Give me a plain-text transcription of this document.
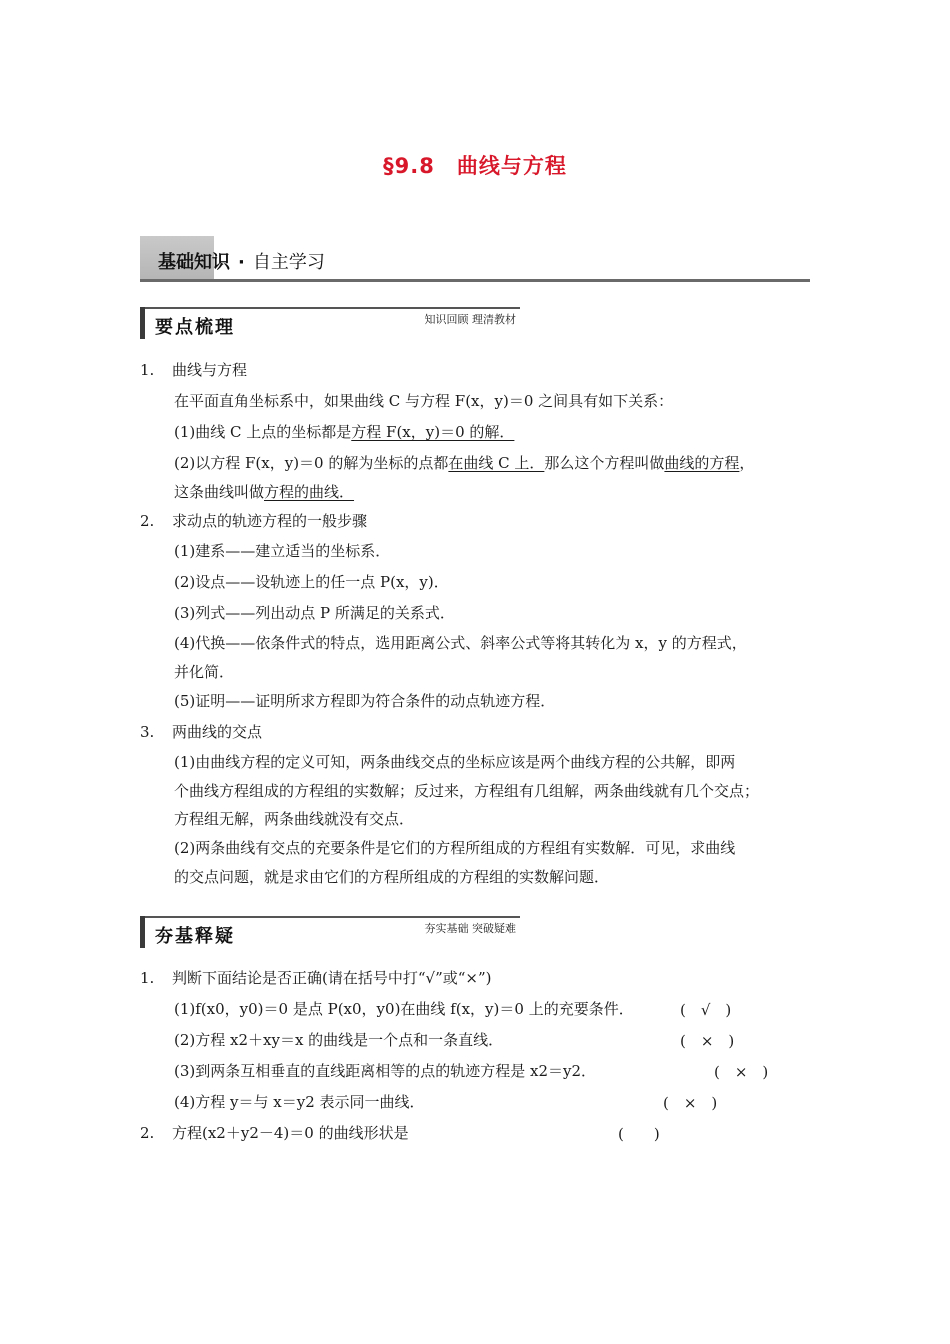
§9.8 曲线与方程
基础知识 · 自主学习
要点梳理	知识回顾 理清教材
1. 曲线与方程
在平面直角坐标系中，如果曲线 C 与方程 F(x，y)＝0 之间具有如下关系：
(1)曲线 C 上点的坐标都是方程 F(x，y)＝0 的解．
(2)以方程 F(x，y)＝0 的解为坐标的点都在曲线 C 上．那么这个方程叫做曲线的方程，
这条曲线叫做方程的曲线．
2. 求动点的轨迹方程的一般步骤
(1)建系——建立适当的坐标系．
(2)设点——设轨迹上的任一点 P(x，y)．
(3)列式——列出动点 P 所满足的关系式．
(4)代换——依条件式的特点，选用距离公式、斜率公式等将其转化为 x，y 的方程式，
并化简．
(5)证明——证明所求方程即为符合条件的动点轨迹方程．
3. 两曲线的交点
(1)由曲线方程的定义可知，两条曲线交点的坐标应该是两个曲线方程的公共解，即两
个曲线方程组成的方程组的实数解；反过来，方程组有几组解，两条曲线就有几个交点；
方程组无解，两条曲线就没有交点．
(2)两条曲线有交点的充要条件是它们的方程所组成的方程组有实数解．可见，求曲线
的交点问题，就是求由它们的方程所组成的方程组的实数解问题．
夯基释疑	夯实基础 突破疑难
1. 判断下面结论是否正确(请在括号中打“√”或“×”)
(1)f(x0，y0)＝0 是点 P(x0，y0)在曲线 f(x，y)＝0 上的充要条件．	(　√　)
(2)方程 x2＋xy＝x 的曲线是一个点和一条直线．	(　×　)
(3)到两条互相垂直的直线距离相等的点的轨迹方程是 x2＝y2．	(　×　)
(4)方程 y＝与 x＝y2 表示同一曲线．	(　×　)
2. 方程(x2＋y2－4)＝0 的曲线形状是	(　　)
